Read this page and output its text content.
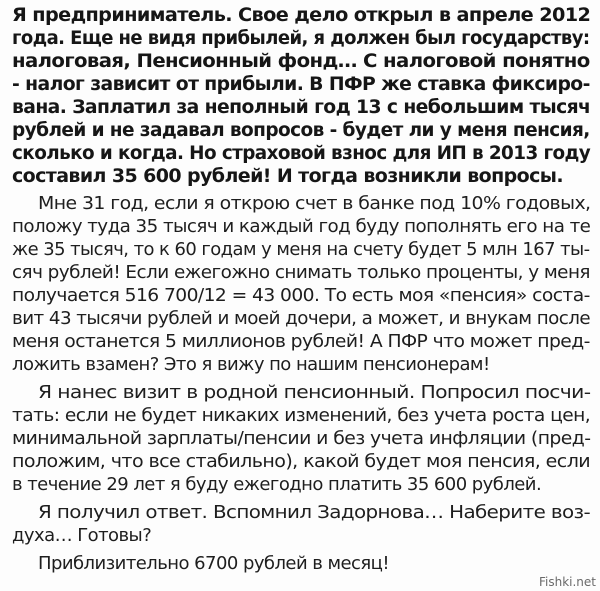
Я предприниматель. Свое дело открыл в апреле 2012
года. Еще не видя прибылей, я должен был государству:
налоговая, Пенсионный фонд… С налоговой понятно
- налог зависит от прибыли. В ПФР же ставка фиксиро-
вана. Заплатил за неполный год 13 с небольшим тысяч
рублей и не задавал вопросов - будет ли у меня пенсия,
сколько и когда. Но страховой взнос для ИП в 2013 году
составил 35 600 рублей! И тогда возникли вопросы.
Мне 31 год, если я открою счет в банке под 10% годовых,
положу туда 35 тысяч и каждый год буду пополнять его на те
же 35 тысяч, то к 60 годам у меня на счету будет 5 млн 167 ты-
сяч рублей! Если ежегожно снимать только проценты, у меня
получается 516 700/12 = 43 000. То есть моя «пенсия» соста-
вит 43 тысячи рублей и моей дочери, а может, и внукам после
меня останется 5 миллионов рублей! А ПФР что может пред-
ложить взамен? Это я вижу по нашим пенсионерам!
Я нанес визит в родной пенсионный. Попросил посчи-
тать: если не будет никаких изменений, без учета роста цен,
минимальной зарплаты/пенсии и без учета инфляции (пред-
положим, что все стабильно), какой будет моя пенсия, если
в течение 29 лет я буду ежегодно платить 35 600 рублей.
Я получил ответ. Вспомнил Задорнова… Наберите воз-
духа… Готовы?
Приблизительно 6700 рублей в месяц!
Fishki.net
